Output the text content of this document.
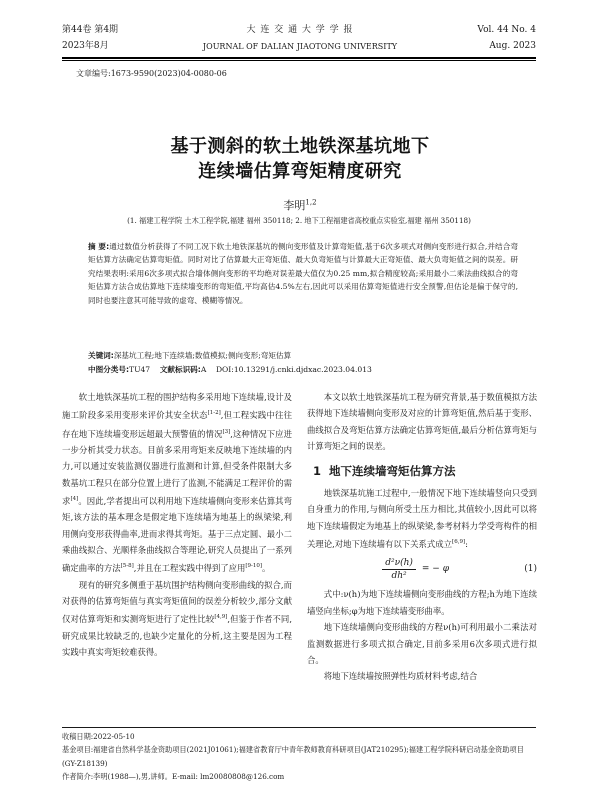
第44卷 第4期
2023年8月
大 连 交 通 大 学 学 报
JOURNAL OF DALIAN JIAOTONG UNIVERSITY
Vol. 44 No. 4
Aug. 2023
文章编号:1673-9590(2023)04-0080-06
基于测斜的软土地铁深基坑地下
连续墙估算弯矩精度研究
李明$^{1,2}$
(1. 福建工程学院 土木工程学院,福建 福州 350118; 2. 地下工程福建省高校重点实验室,福建 福州 350118)
摘 要:通过数值分析获得了不同工况下软土地铁深基坑的侧向变形值及计算弯矩值,基于6次多项式对侧向变形进行拟合,并结合弯矩估算方法确定估算弯矩值。同时对比了估算最大正弯矩值、最大负弯矩值与计算最大正弯矩值、最大负弯矩值之间的误差。研究结果表明:采用6次多项式拟合墙体侧向变形的平均绝对误差最大值仅为0.25 mm,拟合精度较高;采用最小二乘法曲线拟合的弯矩估算方法合成估算地下连续墙变形的弯矩值,平均高估4.5%左右,因此可以采用估算弯矩值进行安全预警,但估论是偏于保守的,同时也要注意其可能导致的虚弯、模糊等情况。
关键词:深基坑工程;地下连续墙;数值模拟;侧向变形;弯矩估算
中图分类号:TU47 文献标识码:A DOI:10.13291/j.cnki.djdxac.2023.04.013

软土地铁深基坑工程的围护结构多采用地下连续墙,设计及施工阶段多采用变形来评价其安全状态[1-2],但工程实践中往往存在地下连续墙变形远超最大预警值的情况[3],这种情况下应进一步分析其受力状态。目前多采用弯矩来反映地下连续墙的内力,可以通过安装监测仪器进行监测和计算,但受条件限制大多数基坑工程只在部分位置上进行了监测,不能满足工程评价的需求[4]。因此,学者提出可以利用地下连续墙侧向变形来估算其弯矩,该方法的基本理念是假定地下连续墙为地基上的纵梁梁,利用侧向变形获得曲率,进而求得其弯矩。基于三点定圆、最小二乘曲线拟合、光顺样条曲线拟合等理论,研究人员提出了一系列确定曲率的方法[5-8],并且在工程实践中得到了应用[9-10]。

现有的研究多侧重于基坑围护结构侧向变形曲线的拟合,而对获得的估算弯矩值与真实弯矩值间的误差分析较少,部分文献仅对估算弯矩和实测弯矩进行了定性比较[4,9],但鉴于作者不同,研究成果比较缺乏的,也缺少定量化的分析,这主要是因为工程实践中真实弯矩较难获得。

本文以软土地铁深基坑工程为研究背景,基于数值模拟方法获得地下连续墙侧向变形及对应的计算弯矩值,然后基于变形、曲线拟合及弯矩估算方法确定估算弯矩值,最后分析估算弯矩与计算弯矩之间的误差。

1 地下连续墙弯矩估算方法

地铁深基坑施工过程中,一般情况下地下连续墙竖向只受到自身重力的作用,与侧向所受土压力相比,其值较小,因此可以将地下连续墙假定为地基上的纵梁梁,参考材料力学受弯构件的相关理论,对地下连续墙有以下关系式成立[6,9]:

$\frac{\text{d²ν(h)}}{\text{dh²}}$ = − φ	(1)

式中:ν(h)为地下连续墙侧向变形曲线的方程;h为地下连续墙竖向坐标;φ为地下连续墙变形曲率。

地下连续墙侧向变形曲线的方程ν(h)可利用最小二乘法对监测数据进行多项式拟合确定,目前多采用6次多项式进行拟合。

将地下连续墙按照弹性均质材料考虑,结合

收稿日期:2022-05-10
基金项目:福建省自然科学基金资助项目(2021J01061);福建省教育厅中青年教师教育科研项目(JAT210295);福建工程学院科研启动基金资助项目(GY-Z18139)
作者简介:李明(1988—),男,讲师。E-mail: lm20080808@126.com
